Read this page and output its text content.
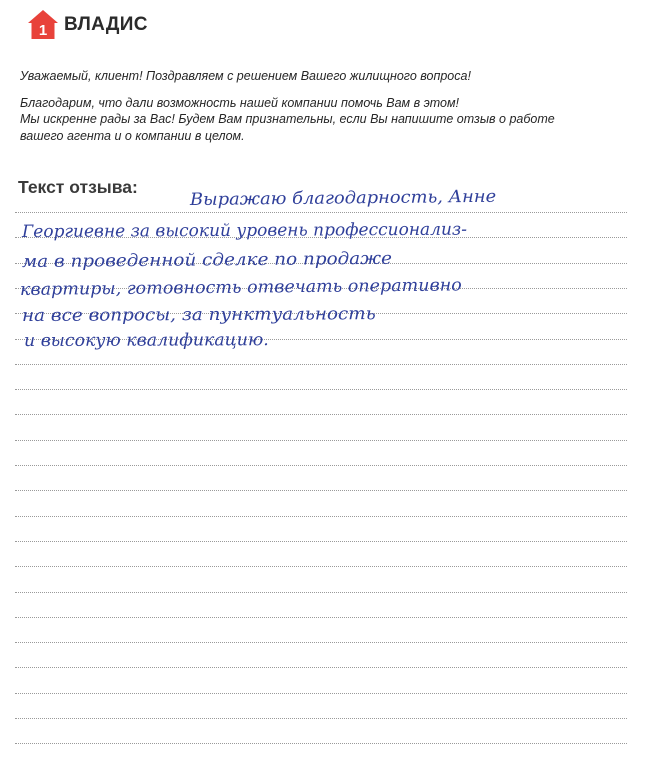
1 ВЛАДИС

Уважаемый, клиент! Поздравляем с решением Вашего жилищного вопроса!

Благодарим, что дали возможность нашей компании помочь Вам в этом!
Мы искренне рады за Вас! Будем Вам признательны, если Вы напишите отзыв о работе
вашего агента и о компании в целом.

Текст отзыва:	Выражаю благодарность, Анне
Георгиевне за высокий уровень профессионализ-
ма в проведенной сделке по продаже
квартиры, готовность отвечать оперативно
на все вопросы, за пунктуальность
и высокую квалификацию.
